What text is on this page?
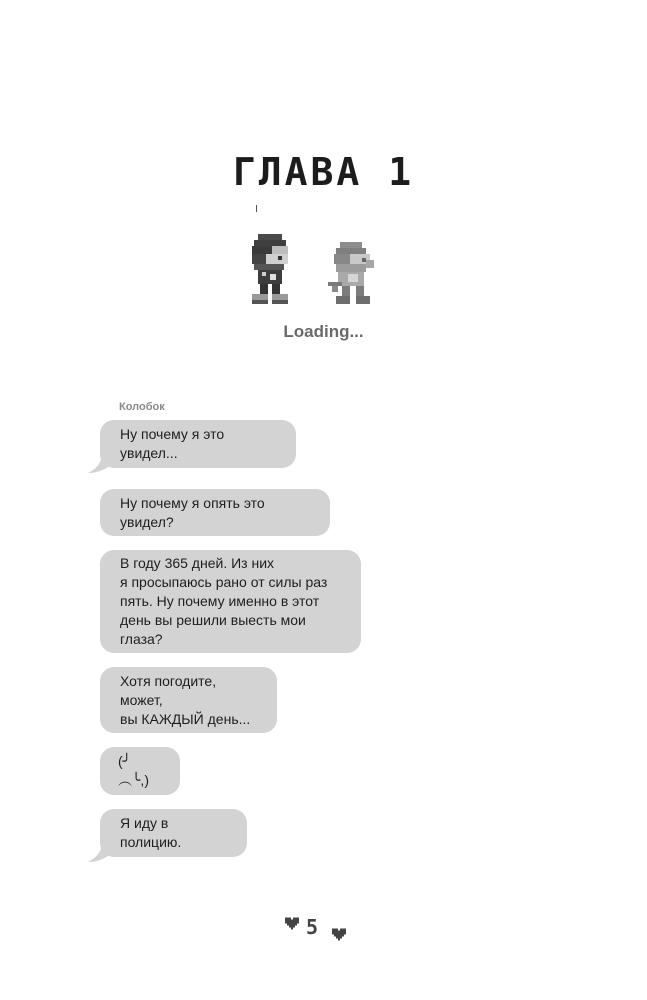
ГЛАВА 1
Loading...
Колобок
Ну почему я это увидел...
Ну почему я опять это увидел?
В году 365 дней. Из них
я просыпаюсь рано от силы раз
пять. Ну почему именно в этот
день вы решили выесть мои глаза?
Хотя погодите, может,
вы КАЖДЫЙ день...
(╯︵╰,)
Я иду в полицию.
5
